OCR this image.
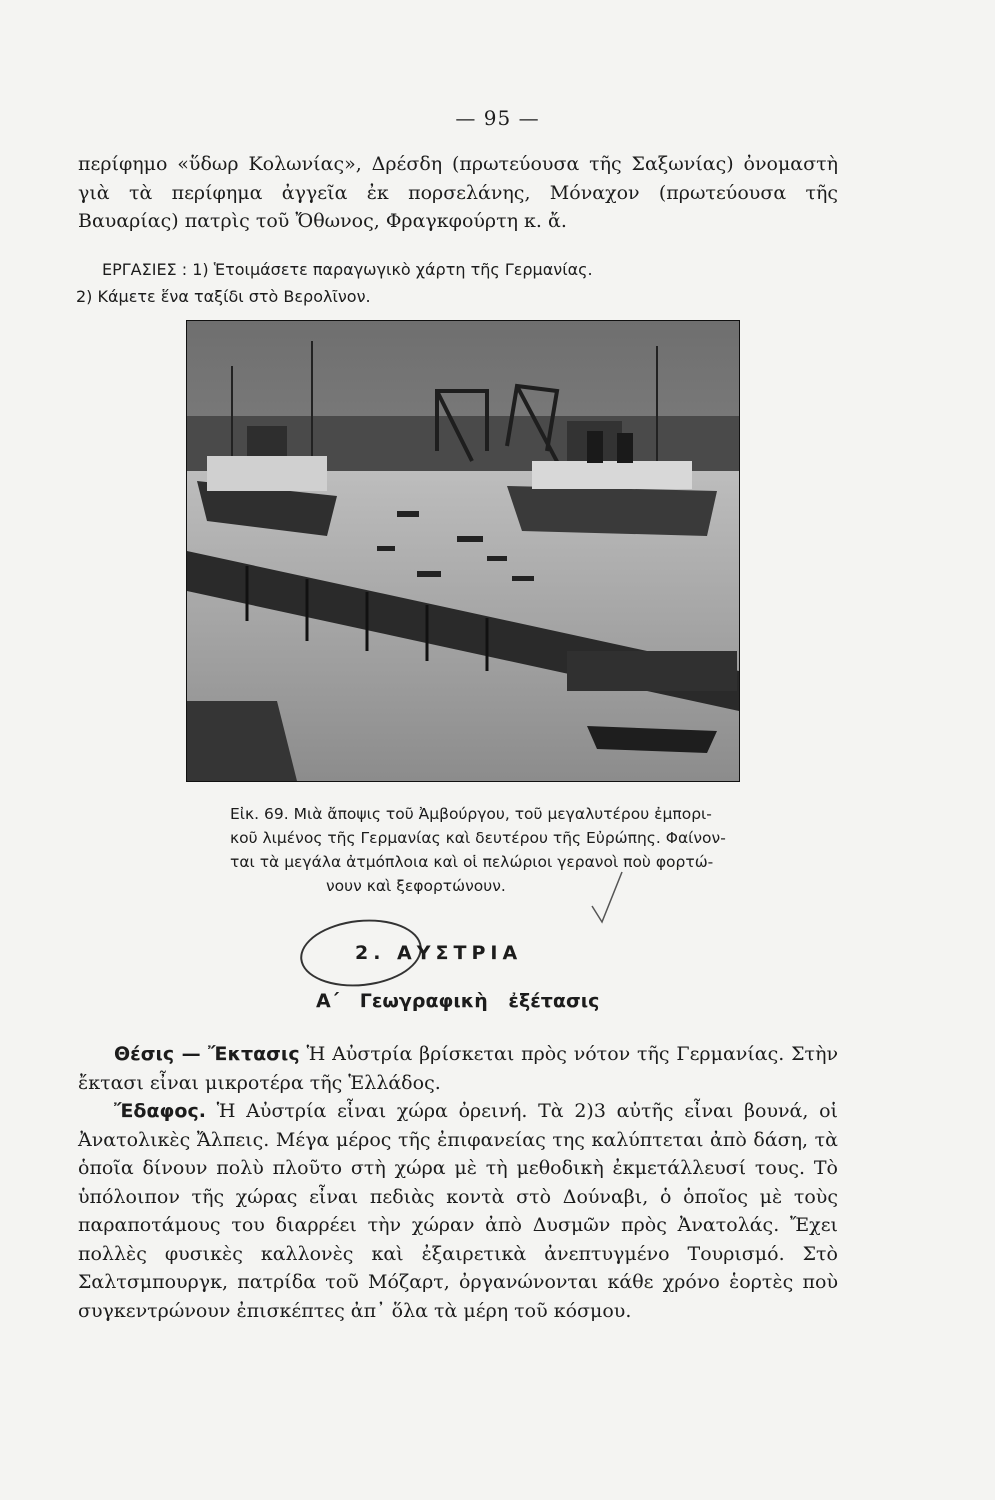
— 95 —
περίφημο «ὕδωρ Κολωνίας», Δρέσδη (πρωτεύουσα τῆς Σαξωνίας) ὀνομαστὴ γιὰ τὰ περίφημα ἀγγεῖα ἐκ πορσελάνης, Μόναχον (πρωτεύουσα τῆς Βαυαρίας) πατρὶς τοῦ Ὄθωνος, Φραγκφούρτη κ. ἄ.
ΕΡΓΑΣΙΕΣ : 1) Ἑτοιμάσετε παραγωγικὸ χάρτη τῆς Γερμανίας.
2) Κάμετε ἕνα ταξίδι στὸ Βερολῖνον.
Εἰκ. 69. Μιὰ ἄποψις τοῦ Ἀμβούργου, τοῦ μεγαλυτέρου ἐμπορι-
κοῦ λιμένος τῆς Γερμανίας καὶ δευτέρου τῆς Εὐρώπης. Φαίνον-
ται τὰ μεγάλα ἀτμόπλοια καὶ οἱ πελώριοι γερανοὶ ποὺ φορτώ-
νουν καὶ ξεφορτώνουν.
2. ΑΥΣΤΡΙΑ
Α΄ Γεωγραφικὴ ἐξέτασις

Θέσις — Ἔκτασις Ἡ Αὐστρία βρίσκεται πρὸς νότον τῆς Γερμανίας. Στὴν ἔκτασι εἶναι μικροτέρα τῆς Ἑλλάδος.

Ἔδαφος. Ἡ Αὐστρία εἶναι χώρα ὀρεινή. Τὰ 2)3 αὐτῆς εἶναι βουνά, οἱ Ἀνατολικὲς Ἄλπεις. Μέγα μέρος τῆς ἐπιφανείας της καλύπτεται ἀπὸ δάση, τὰ ὁποῖα δίνουν πολὺ πλοῦτο στὴ χώρα μὲ τὴ μεθοδικὴ ἐκμετάλλευσί τους. Τὸ ὑπόλοιπον τῆς χώρας εἶναι πεδιὰς κοντὰ στὸ Δούναβι, ὁ ὁποῖος μὲ τοὺς παραποτάμους του διαρρέει τὴν χώραν ἀπὸ Δυσμῶν πρὸς Ἀνατολάς. Ἔχει πολλὲς φυσικὲς καλλονὲς καὶ ἐξαιρετικὰ ἀνεπτυγμένο Τουρισμό. Στὸ Σαλτσμπουργκ, πατρίδα τοῦ Μόζαρτ, ὀργανώνονται κάθε χρόνο ἑορτὲς ποὺ συγκεντρώνουν ἐπισκέπτες ἀπ᾽ ὅλα τὰ μέρη τοῦ κόσμου.
